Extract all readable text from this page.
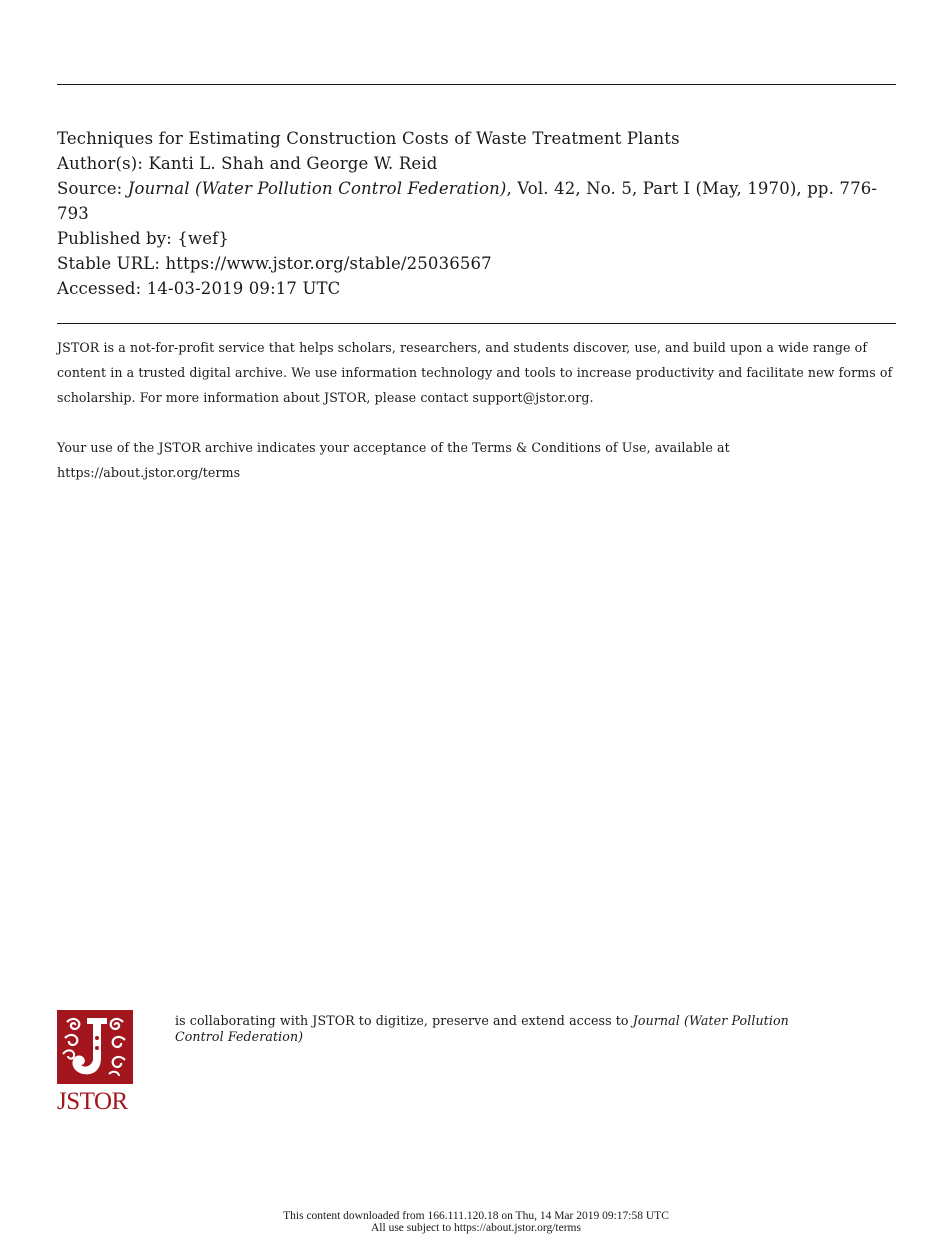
Techniques for Estimating Construction Costs of Waste Treatment Plants
Author(s): Kanti L. Shah and George W. Reid
Source: Journal (Water Pollution Control Federation), Vol. 42, No. 5, Part I (May, 1970), pp. 776-793
Published by: {wef}
Stable URL: https://www.jstor.org/stable/25036567
Accessed: 14-03-2019 09:17 UTC

JSTOR is a not-for-profit service that helps scholars, researchers, and students discover, use, and build upon a wide range of content in a trusted digital archive. We use information technology and tools to increase productivity and facilitate new forms of scholarship. For more information about JSTOR, please contact support@jstor.org.

Your use of the JSTOR archive indicates your acceptance of the Terms & Conditions of Use, available at https://about.jstor.org/terms

JSTOR
is collaborating with JSTOR to digitize, preserve and extend access to Journal (Water Pollution Control Federation)
This content downloaded from 166.111.120.18 on Thu, 14 Mar 2019 09:17:58 UTC
All use subject to https://about.jstor.org/terms
